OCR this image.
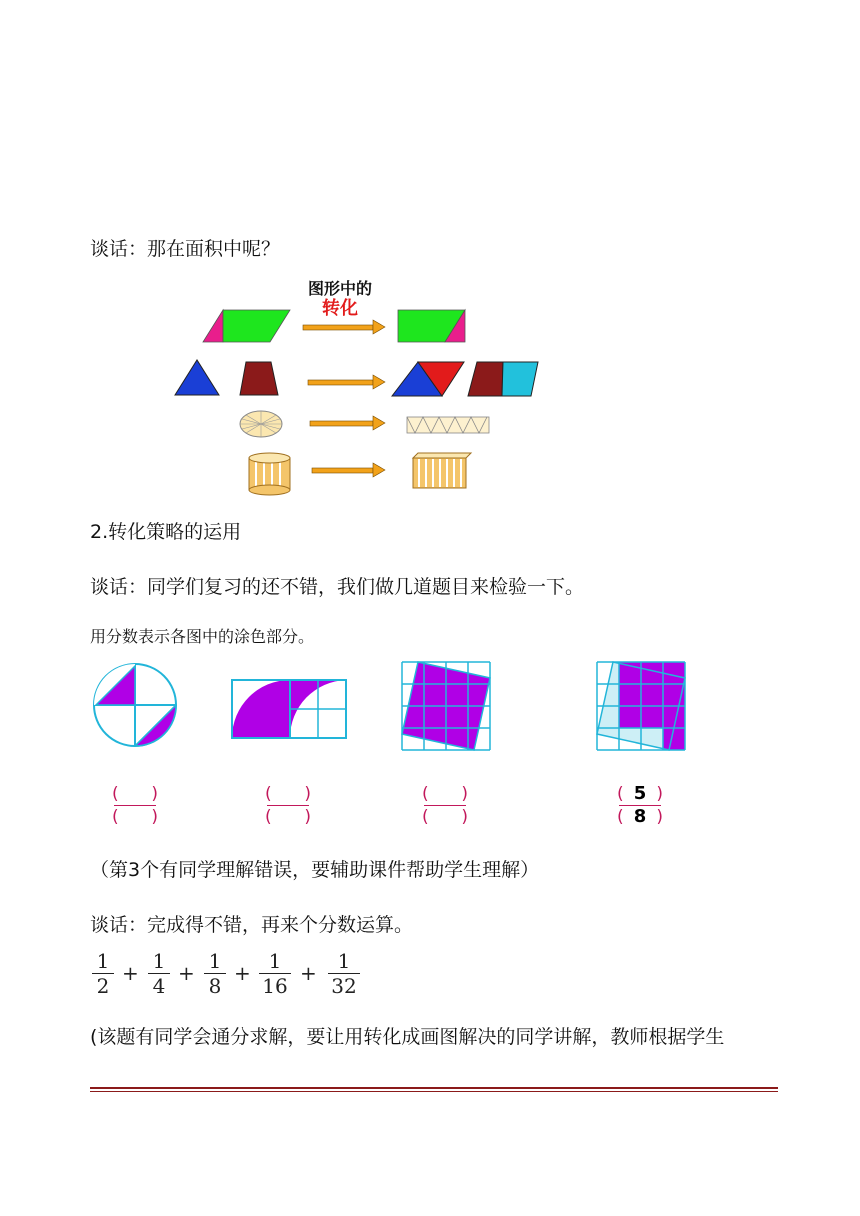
谈话：那在面积中呢？
图形中的
转化
2.转化策略的运用
谈话：同学们复习的还不错，我们做几道题目来检验一下。
用分数表示各图中的涂色部分。
( )
( )
( )
( )
( )
( )
( 5 )
( 8 )
（第3个有同学理解错误，要辅助课件帮助学生理解）
谈话：完成得不错，再来个分数运算。
1
2
+ 1
4
+ 1
8
+ 1
16
+	1
32
(该题有同学会通分求解，要让用转化成画图解决的同学讲解，教师根据学生
